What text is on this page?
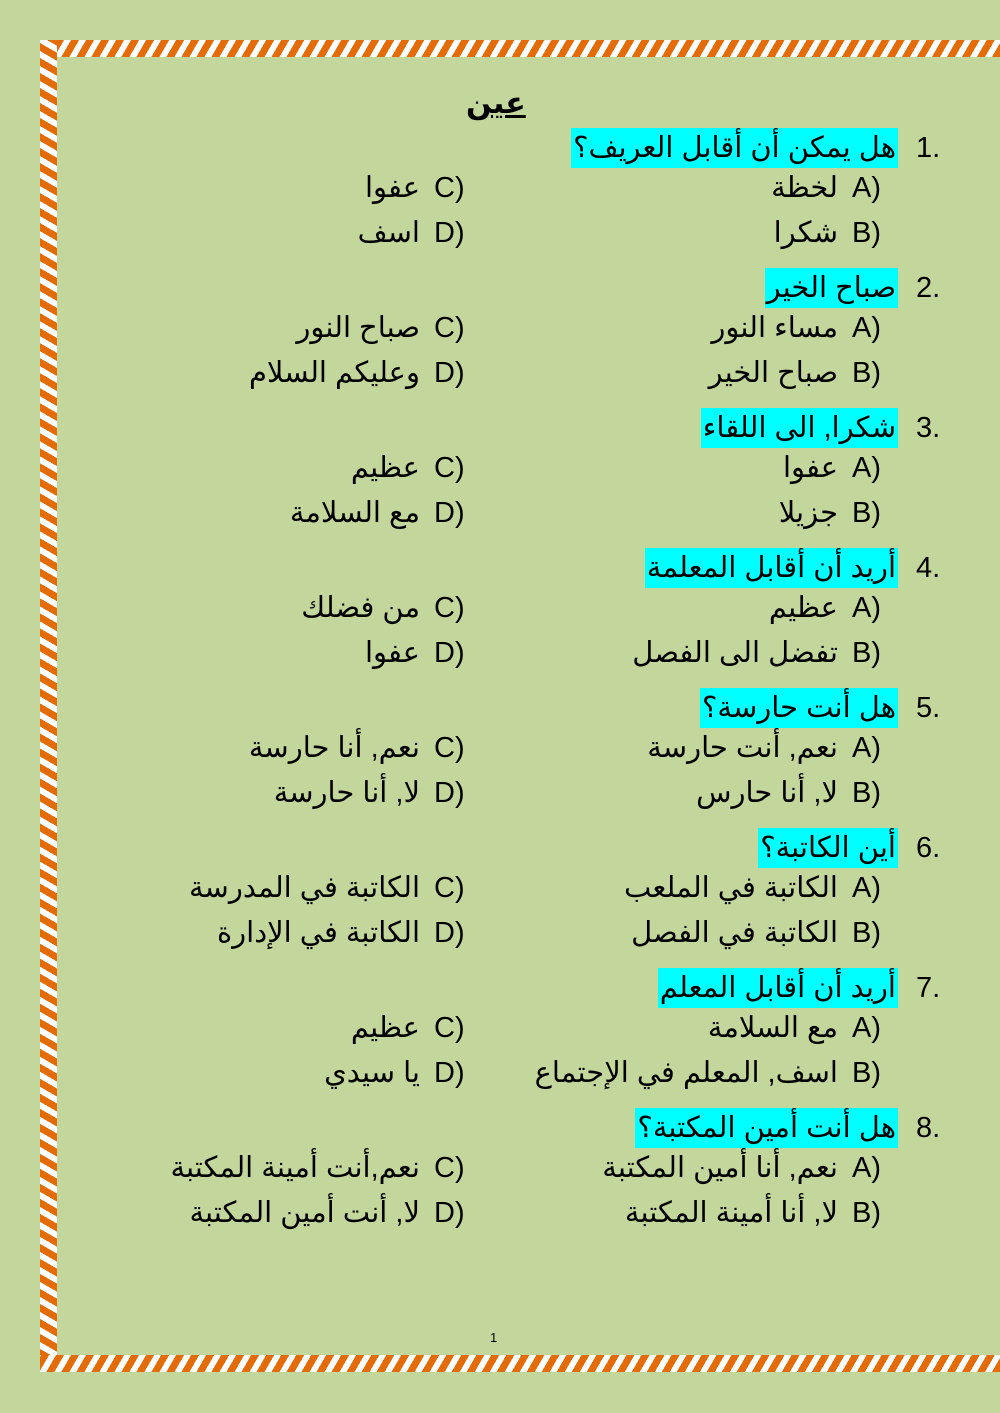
عين
1.
هل يمكن أن أقابل العريف؟
لخظة A)
عفوا C)
شكرا B)
اسف D)
2.
صباح الخير
مساء النور A)
صباح النور C)
صباح الخير B)
وعليكم السلام D)
3.
شكرا, الى اللقاء
عفوا A)
عظيم C)
جزيلا B)
مع السلامة D)
4.
أريد أن أقابل المعلمة
عظيم A)
من فضلك C)
تفضل الى الفصل B)
عفوا D)
5.
هل أنت حارسة؟
نعم, أنت حارسة A)
نعم, أنا حارسة C)
لا, أنا حارس B)
لا, أنا حارسة D)
6.
أين الكاتبة؟
الكاتبة في الملعب A)
الكاتبة في المدرسة C)
الكاتبة في الفصل B)
الكاتبة في الإدارة D)
7.
أريد أن أقابل المعلم
مع السلامة A)
عظيم C)
اسف, المعلم في الإجتماع B)
يا سيدي D)
8.
هل أنت أمين المكتبة؟
نعم, أنا أمين المكتبة A)
نعم,أنت أمينة المكتبة C)
لا, أنا أمينة المكتبة B)
لا, أنت أمين المكتبة D)
1
